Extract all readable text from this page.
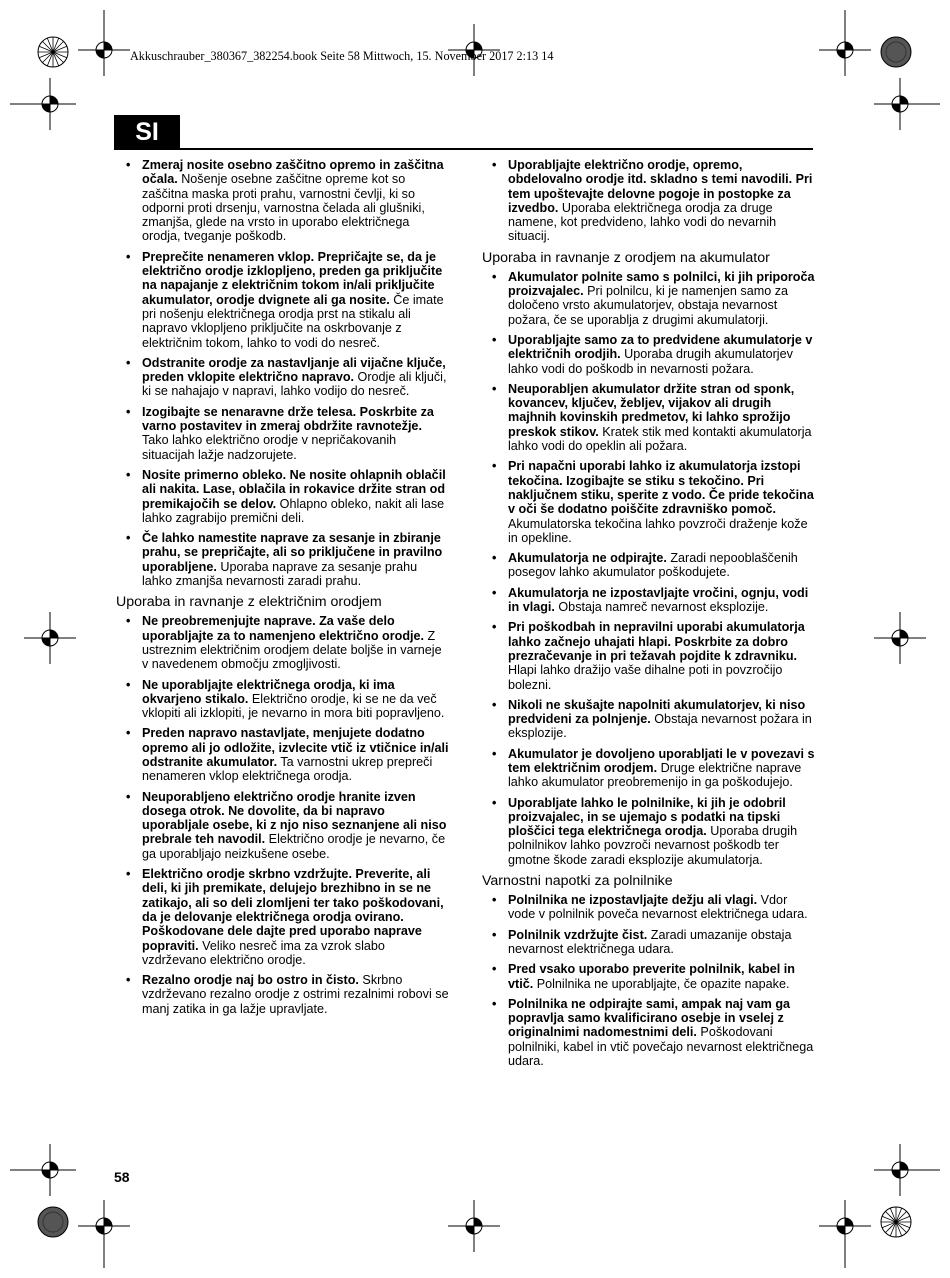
Akkuschrauber_380367_382254.book Seite 58 Mittwoch, 15. November 2017 2:13 14
SI
• Zmeraj nosite osebno zaščitno opremo in zaščitna očala. Nošenje osebne zaščitne opreme kot so zaščitna maska proti prahu, varnostni čevlji, ki so odporni proti drsenju, varnostna čelada ali glušniki, zmanjša, glede na vrsto in uporabo električnega orodja, tveganje poškodb.
• Preprečite nenameren vklop. Prepričajte se, da je električno orodje izklopljeno, preden ga priključite na napajanje z električnim tokom in/ali priključite akumulator, orodje dvignete ali ga nosite. Če imate pri nošenju električnega orodja prst na stikalu ali napravo vklopljeno priključite na oskrbovanje z električnim tokom, lahko to vodi do nesreč.
• Odstranite orodje za nastavljanje ali vijačne ključe, preden vklopite električno napravo. Orodje ali ključi, ki se nahajajo v napravi, lahko vodijo do nesreč.
• Izogibajte se nenaravne drže telesa. Poskrbite za varno postavitev in zmeraj obdržite ravnotežje. Tako lahko električno orodje v nepričakovanih situacijah lažje nadzorujete.
• Nosite primerno obleko. Ne nosite ohlapnih oblačil ali nakita. Lase, oblačila in rokavice držite stran od premikajočih se delov. Ohlapno obleko, nakit ali lase lahko zagrabijo premični deli.
• Če lahko namestite naprave za sesanje in zbiranje prahu, se prepričajte, ali so priključene in pravilno uporabljene. Uporaba naprave za sesanje prahu lahko zmanjša nevarnosti zaradi prahu.
Uporaba in ravnanje z električnim orodjem
• Ne preobremenjujte naprave. Za vaše delo uporabljajte za to namenjeno električno orodje. Z ustreznim električnim orodjem delate boljše in varneje v navedenem območju zmogljivosti.
• Ne uporabljajte električnega orodja, ki ima okvarjeno stikalo. Električno orodje, ki se ne da več vklopiti ali izklopiti, je nevarno in mora biti popravljeno.
• Preden napravo nastavljate, menjujete dodatno opremo ali jo odložite, izvlecite vtič iz vtičnice in/ali odstranite akumulator. Ta varnostni ukrep prepreči nenameren vklop električnega orodja.
• Neuporabljeno električno orodje hranite izven dosega otrok. Ne dovolite, da bi napravo uporabljale osebe, ki z njo niso seznanjene ali niso prebrale teh navodil. Električno orodje je nevarno, če ga uporabljajo neizkušene osebe.
• Električno orodje skrbno vzdržujte. Preverite, ali deli, ki jih premikate, delujejo brezhibno in se ne zatikajo, ali so deli zlomljeni ter tako poškodovani, da je delovanje električnega orodja ovirano. Poškodovane dele dajte pred uporabo naprave popraviti. Veliko nesreč ima za vzrok slabo vzdrževano električno orodje.
• Rezalno orodje naj bo ostro in čisto. Skrbno vzdrževano rezalno orodje z ostrimi rezalnimi robovi se manj zatika in ga lažje upravljate.
• Uporabljajte električno orodje, opremo, obdelovalno orodje itd. skladno s temi navodili. Pri tem upoštevajte delovne pogoje in postopke za izvedbo. Uporaba električnega orodja za druge namene, kot predvideno, lahko vodi do nevarnih situacij.
Uporaba in ravnanje z orodjem na akumulator
• Akumulator polnite samo s polnilci, ki jih priporoča proizvajalec. Pri polnilcu, ki je namenjen samo za določeno vrsto akumulatorjev, obstaja nevarnost požara, če se uporablja z drugimi akumulatorji.
• Uporabljajte samo za to predvidene akumulatorje v električnih orodjih. Uporaba drugih akumulatorjev lahko vodi do poškodb in nevarnosti požara.
• Neuporabljen akumulator držite stran od sponk, kovancev, ključev, žebljev, vijakov ali drugih majhnih kovinskih predmetov, ki lahko sprožijo preskok stikov. Kratek stik med kontakti akumulatorja lahko vodi do opeklin ali požara.
• Pri napačni uporabi lahko iz akumulatorja izstopi tekočina. Izogibajte se stiku s tekočino. Pri naključnem stiku, sperite z vodo. Če pride tekočina v oči še dodatno poiščite zdravniško pomoč. Akumulatorska tekočina lahko povzroči draženje kože in opekline.
• Akumulatorja ne odpirajte. Zaradi nepooblaščenih posegov lahko akumulator poškodujete.
• Akumulatorja ne izpostavljajte vročini, ognju, vodi in vlagi. Obstaja namreč nevarnost eksplozije.
• Pri poškodbah in nepravilni uporabi akumulatorja lahko začnejo uhajati hlapi. Poskrbite za dobro prezračevanje in pri težavah pojdite k zdravniku. Hlapi lahko dražijo vaše dihalne poti in povzročijo bolezni.
• Nikoli ne skušajte napolniti akumulatorjev, ki niso predvideni za polnjenje. Obstaja nevarnost požara in eksplozije.
• Akumulator je dovoljeno uporabljati le v povezavi s tem električnim orodjem. Druge električne naprave lahko akumulator preobremenijo in ga poškodujejo.
• Uporabljate lahko le polnilnike, ki jih je odobril proizvajalec, in se ujemajo s podatki na tipski ploščici tega električnega orodja. Uporaba drugih polnilnikov lahko povzroči nevarnost poškodb ter gmotne škode zaradi eksplozije akumulatorja.
Varnostni napotki za polnilnike
• Polnilnika ne izpostavljajte dežju ali vlagi. Vdor vode v polnilnik poveča nevarnost električnega udara.
• Polnilnik vzdržujte čist. Zaradi umazanije obstaja nevarnost električnega udara.
• Pred vsako uporabo preverite polnilnik, kabel in vtič. Polnilnika ne uporabljajte, če opazite napake.
• Polnilnika ne odpirajte sami, ampak naj vam ga popravlja samo kvalificirano osebje in vselej z originalnimi nadomestnimi deli. Poškodovani polnilniki, kabel in vtič povečajo nevarnost električnega udara.
58
